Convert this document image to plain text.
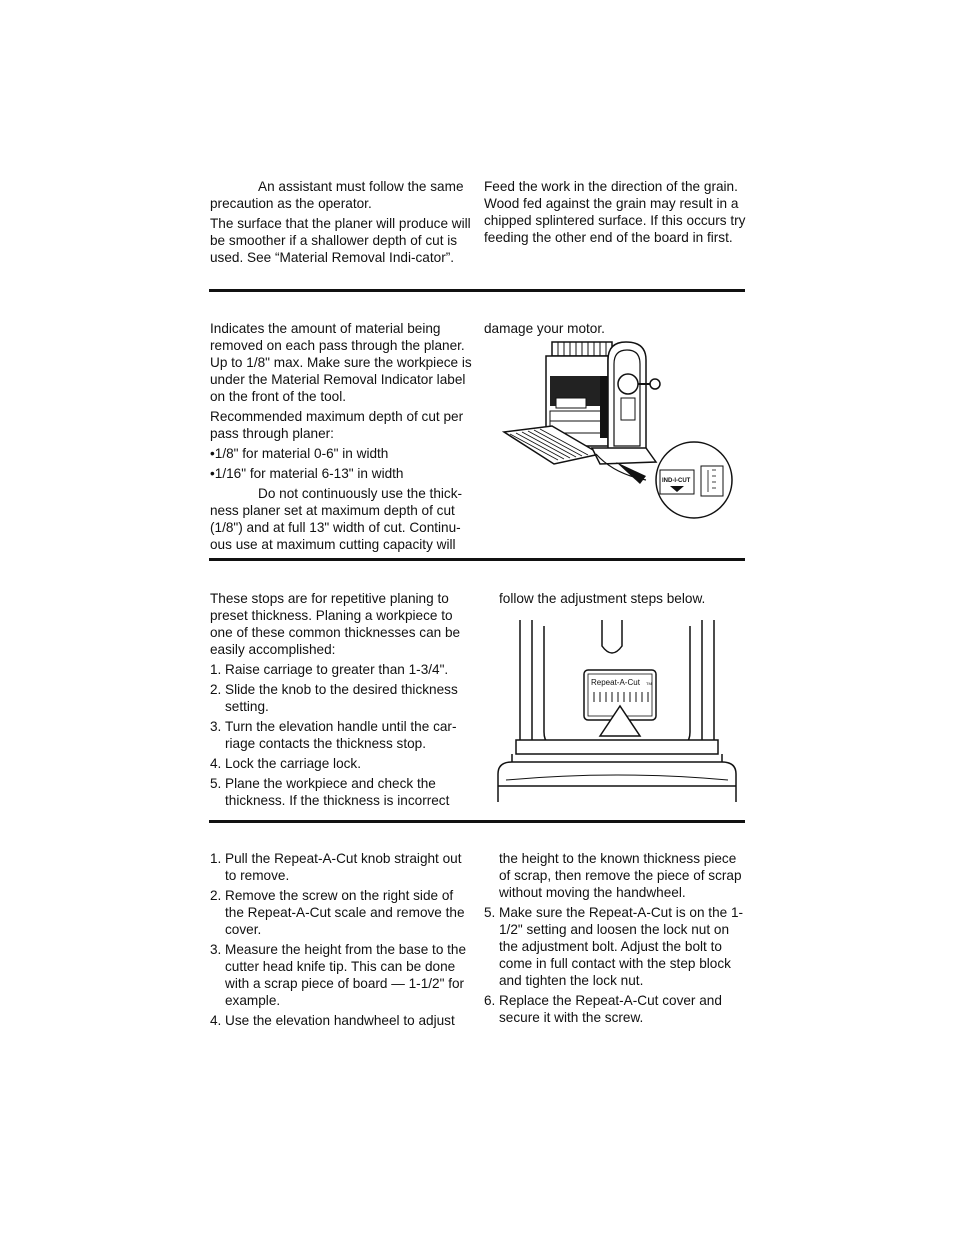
An assistant must follow the same precaution as the operator.

The surface that the planer will produce will be smoother if a shallower depth of cut is used. See “Material Removal Indi-cator”.

Feed the work in the direction of the grain. Wood fed against the grain may result in a chipped splintered surface. If this occurs try feeding the other end of the board in first.

Indicates the amount of material being removed on each pass through the planer. Up to 1/8" max. Make sure the workpiece is under the Material Removal Indicator label on the front of the tool.

Recommended maximum depth of cut per pass through planer:

•1/8" for material 0-6" in width

•1/16" for material 6-13" in width

Do not continuously use the thick-ness planer set at maximum depth of cut (1/8") and at full 13" width of cut. Continu-ous use at maximum cutting capacity will

damage your motor.

IND-I-CUT

These stops are for repetitive planing to preset thickness. Planing a workpiece to one of these common thicknesses can be easily accomplished:

1. Raise carriage to greater than 1-3/4".
2. Slide the knob to the desired thickness setting.
3. Turn the elevation handle until the car-riage contacts the thickness stop.
4. Lock the carriage lock.
5. Plane the workpiece and check the thickness. If the thickness is incorrect

follow the adjustment steps below.

Repeat-A-Cut TM
1. Pull the Repeat-A-Cut knob straight out to remove.
2. Remove the screw on the right side of the Repeat-A-Cut scale and remove the cover.
3. Measure the height from the base to the cutter head knife tip. This can be done with a scrap piece of board — 1-1/2" for example.
4. Use the elevation handwheel to adjust

the height to the known thickness piece of scrap, then remove the piece of scrap without moving the handwheel.

5. Make sure the Repeat-A-Cut is on the 1-1/2" setting and loosen the lock nut on the adjustment bolt. Adjust the bolt to come in full contact with the step block and tighten the lock nut.
6. Replace the Repeat-A-Cut cover and secure it with the screw.
